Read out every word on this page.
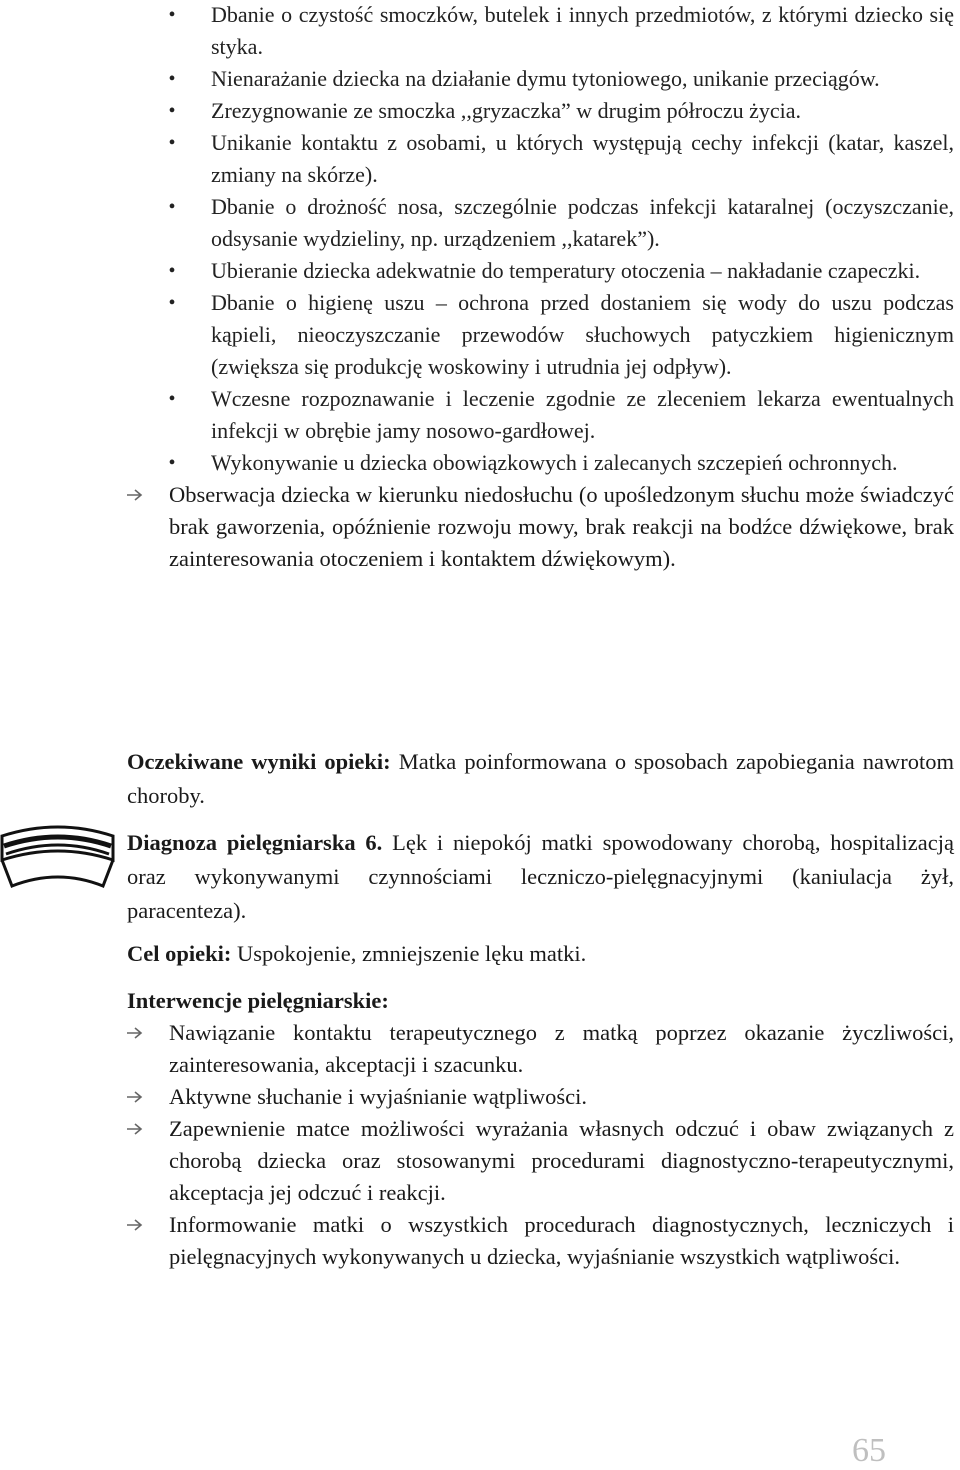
• Dbanie o czystość smoczków, butelek i innych przedmiotów, z którymi dziecko się styka.
• Nienarażanie dziecka na działanie dymu tytoniowego, unikanie przeciągów.
• Zrezygnowanie ze smoczka ,,gryzaczka” w drugim półroczu życia.
• Unikanie kontaktu z osobami, u których występują cechy infekcji (katar, kaszel, zmiany na skórze).
• Dbanie o drożność nosa, szczególnie podczas infekcji kataralnej (oczyszczanie, odsysanie wydzieliny, np. urządzeniem ,,katarek”).
• Ubieranie dziecka adekwatnie do temperatury otoczenia – nakładanie czapeczki.
• Dbanie o higienę uszu – ochrona przed dostaniem się wody do uszu podczas kąpieli, nieoczyszczanie przewodów słuchowych patyczkiem higienicznym (zwiększa się produkcję woskowiny i utrudnia jej odpływ).
• Wczesne rozpoznawanie i leczenie zgodnie ze zleceniem lekarza ewentualnych infekcji w obrębie jamy nosowo-gardłowej.
• Wykonywanie u dziecka obowiązkowych i zalecanych szczepień ochronnych.
Obserwacja dziecka w kierunku niedosłuchu (o upośledzonym słuchu może świadczyć brak gaworzenia, opóźnienie rozwoju mowy, brak reakcji na bodźce dźwiękowe, brak zainteresowania otoczeniem i kontaktem dźwiękowym).

Oczekiwane wyniki opieki: Matka poinformowana o sposobach zapobiegania nawrotom choroby.

Diagnoza pielęgniarska 6. Lęk i niepokój matki spowodowany chorobą, hospitalizacją oraz wykonywanymi czynnościami leczniczo-pielęgnacyjnymi (kaniulacja żył, paracenteza).

Cel opieki: Uspokojenie, zmniejszenie lęku matki.

Interwencje pielęgniarskie:

Nawiązanie kontaktu terapeutycznego z matką poprzez okazanie życzliwości, zainteresowania, akceptacji i szacunku.
Aktywne słuchanie i wyjaśnianie wątpliwości.
Zapewnienie matce możliwości wyrażania własnych odczuć i obaw związanych z chorobą dziecka oraz stosowanymi procedurami diagnostyczno-terapeutycznymi, akceptacja jej odczuć i reakcji.
Informowanie matki o wszystkich procedurach diagnostycznych, leczniczych i pielęgnacyjnych wykonywanych u dziecka, wyjaśnianie wszystkich wątpliwości.
65
